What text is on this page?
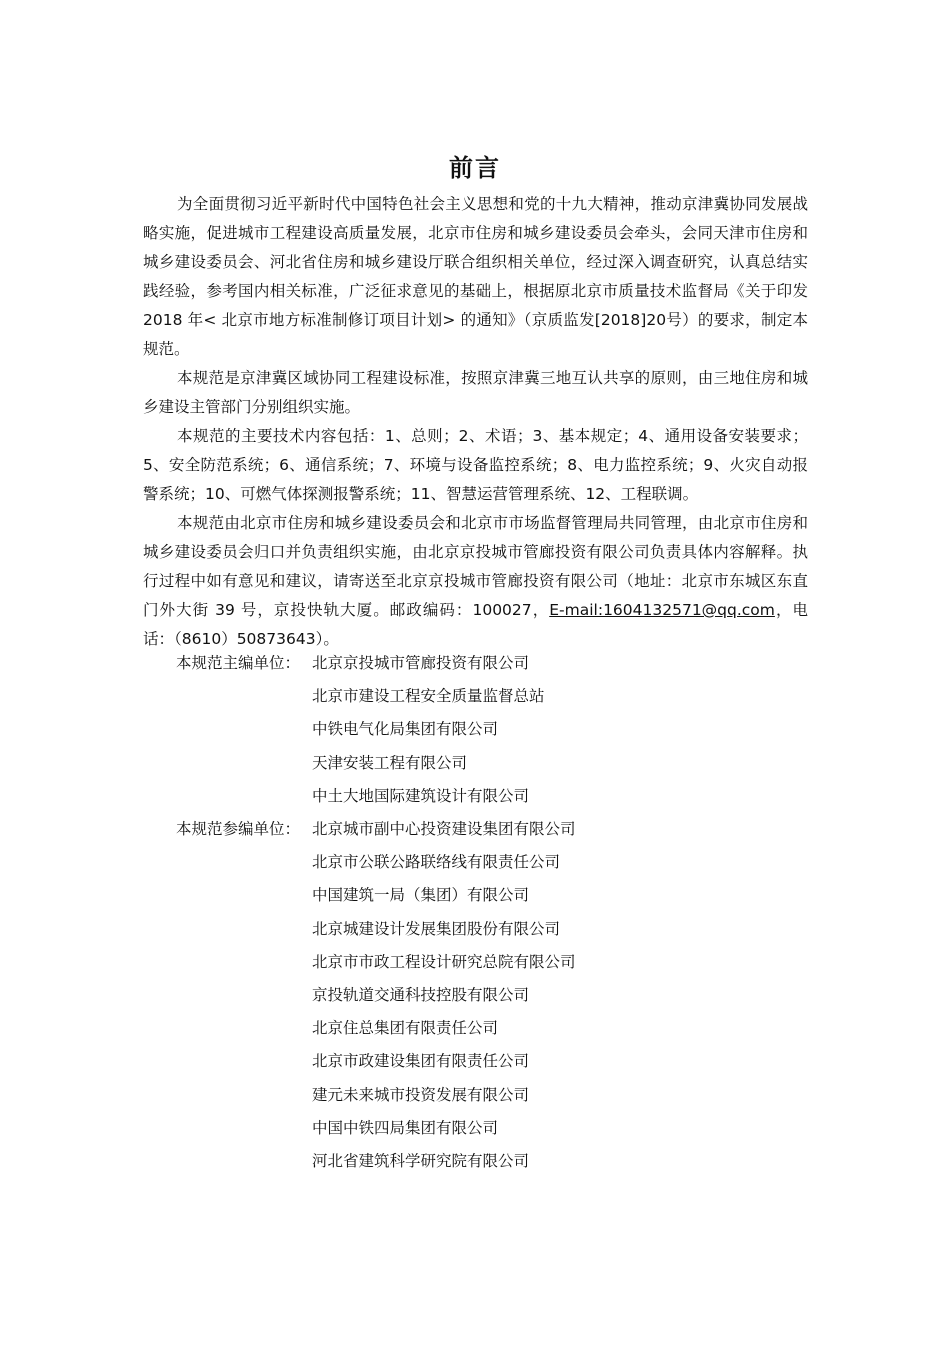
前言

为全面贯彻习近平新时代中国特色社会主义思想和党的十九大精神，推动京津冀协同发展战略实施，促进城市工程建设高质量发展，北京市住房和城乡建设委员会牵头，会同天津市住房和城乡建设委员会、河北省住房和城乡建设厅联合组织相关单位，经过深入调查研究，认真总结实践经验，参考国内相关标准，广泛征求意见的基础上，根据原北京市质量技术监督局《关于印发 2018 年< 北京市地方标准制修订项目计划> 的通知》（京质监发[2018]20号）的要求，制定本规范。

本规范是京津冀区域协同工程建设标准，按照京津冀三地互认共享的原则，由三地住房和城乡建设主管部门分别组织实施。

本规范的主要技术内容包括：1、总则；2、术语；3、基本规定；4、通用设备安装要求；5、安全防范系统；6、通信系统；7、环境与设备监控系统；8、电力监控系统；9、火灾自动报警系统；10、可燃气体探测报警系统；11、智慧运营管理系统、12、工程联调。

本规范由北京市住房和城乡建设委员会和北京市市场监督管理局共同管理，由北京市住房和城乡建设委员会归口并负责组织实施，由北京京投城市管廊投资有限公司负责具体内容解释。执行过程中如有意见和建议，请寄送至北京京投城市管廊投资有限公司（地址：北京市东城区东直门外大街 39 号，京投快轨大厦。邮政编码：100027，E-mail:1604132571@qq.com，电话：（8610）50873643）。

本规范主编单位： 北京京投城市管廊投资有限公司
北京市建设工程安全质量监督总站
中铁电气化局集团有限公司
天津安装工程有限公司
中土大地国际建筑设计有限公司
本规范参编单位： 北京城市副中心投资建设集团有限公司
北京市公联公路联络线有限责任公司
中国建筑一局（集团）有限公司
北京城建设计发展集团股份有限公司
北京市市政工程设计研究总院有限公司
京投轨道交通科技控股有限公司
北京住总集团有限责任公司
北京市政建设集团有限责任公司
建元未来城市投资发展有限公司
中国中铁四局集团有限公司
河北省建筑科学研究院有限公司
